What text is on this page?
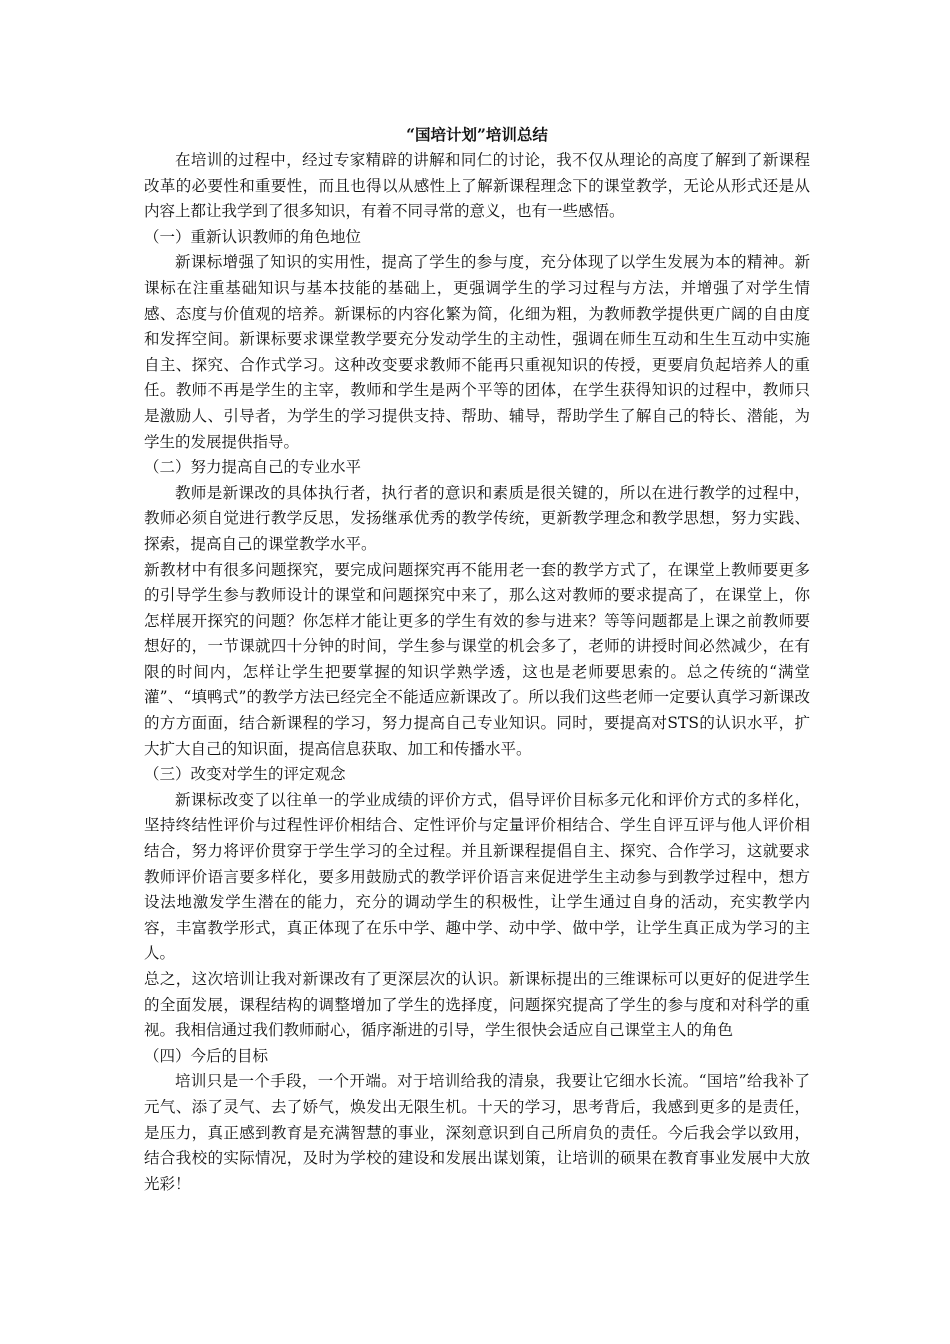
“国培计划”培训总结

在培训的过程中，经过专家精辟的讲解和同仁的讨论，我不仅从理论的高度了解到了新课程改革的必要性和重要性，而且也得以从感性上了解新课程理念下的课堂教学，无论从形式还是从内容上都让我学到了很多知识，有着不同寻常的意义，也有一些感悟。

（一）重新认识教师的角色地位

新课标增强了知识的实用性，提高了学生的参与度，充分体现了以学生发展为本的精神。新课标在注重基础知识与基本技能的基础上，更强调学生的学习过程与方法，并增强了对学生情感、态度与价值观的培养。新课标的内容化繁为简，化细为粗，为教师教学提供更广阔的自由度和发挥空间。新课标要求课堂教学要充分发动学生的主动性，强调在师生互动和生生互动中实施自主、探究、合作式学习。这种改变要求教师不能再只重视知识的传授，更要肩负起培养人的重任。教师不再是学生的主宰，教师和学生是两个平等的团体，在学生获得知识的过程中，教师只是激励人、引导者，为学生的学习提供支持、帮助、辅导，帮助学生了解自己的特长、潜能，为学生的发展提供指导。

（二）努力提高自己的专业水平

教师是新课改的具体执行者，执行者的意识和素质是很关键的，所以在进行教学的过程中，教师必须自觉进行教学反思，发扬继承优秀的教学传统，更新教学理念和教学思想，努力实践、探索，提高自己的课堂教学水平。

新教材中有很多问题探究，要完成问题探究再不能用老一套的教学方式了，在课堂上教师要更多的引导学生参与教师设计的课堂和问题探究中来了，那么这对教师的要求提高了，在课堂上，你怎样展开探究的问题？你怎样才能让更多的学生有效的参与进来？等等问题都是上课之前教师要想好的，一节课就四十分钟的时间，学生参与课堂的机会多了，老师的讲授时间必然减少，在有限的时间内，怎样让学生把要掌握的知识学熟学透，这也是老师要思索的。总之传统的“满堂灌”、“填鸭式”的教学方法已经完全不能适应新课改了。所以我们这些老师一定要认真学习新课改的方方面面，结合新课程的学习，努力提高自己专业知识。同时，要提高对STS的认识水平，扩大扩大自己的知识面，提高信息获取、加工和传播水平。

（三）改变对学生的评定观念

新课标改变了以往单一的学业成绩的评价方式，倡导评价目标多元化和评价方式的多样化，坚持终结性评价与过程性评价相结合、定性评价与定量评价相结合、学生自评互评与他人评价相结合，努力将评价贯穿于学生学习的全过程。并且新课程提倡自主、探究、合作学习，这就要求教师评价语言要多样化，要多用鼓励式的教学评价语言来促进学生主动参与到教学过程中，想方设法地激发学生潜在的能力，充分的调动学生的积极性，让学生通过自身的活动，充实教学内容，丰富教学形式，真正体现了在乐中学、趣中学、动中学、做中学，让学生真正成为学习的主人。

总之，这次培训让我对新课改有了更深层次的认识。新课标提出的三维课标可以更好的促进学生的全面发展，课程结构的调整增加了学生的选择度，问题探究提高了学生的参与度和对科学的重视。我相信通过我们教师耐心，循序渐进的引导，学生很快会适应自己课堂主人的角色

（四）今后的目标

培训只是一个手段，一个开端。对于培训给我的清泉，我要让它细水长流。“国培”给我补了元气、添了灵气、去了娇气，焕发出无限生机。十天的学习，思考背后，我感到更多的是责任，是压力，真正感到教育是充满智慧的事业，深刻意识到自己所肩负的责任。今后我会学以致用，结合我校的实际情况，及时为学校的建设和发展出谋划策，让培训的硕果在教育事业发展中大放光彩！
